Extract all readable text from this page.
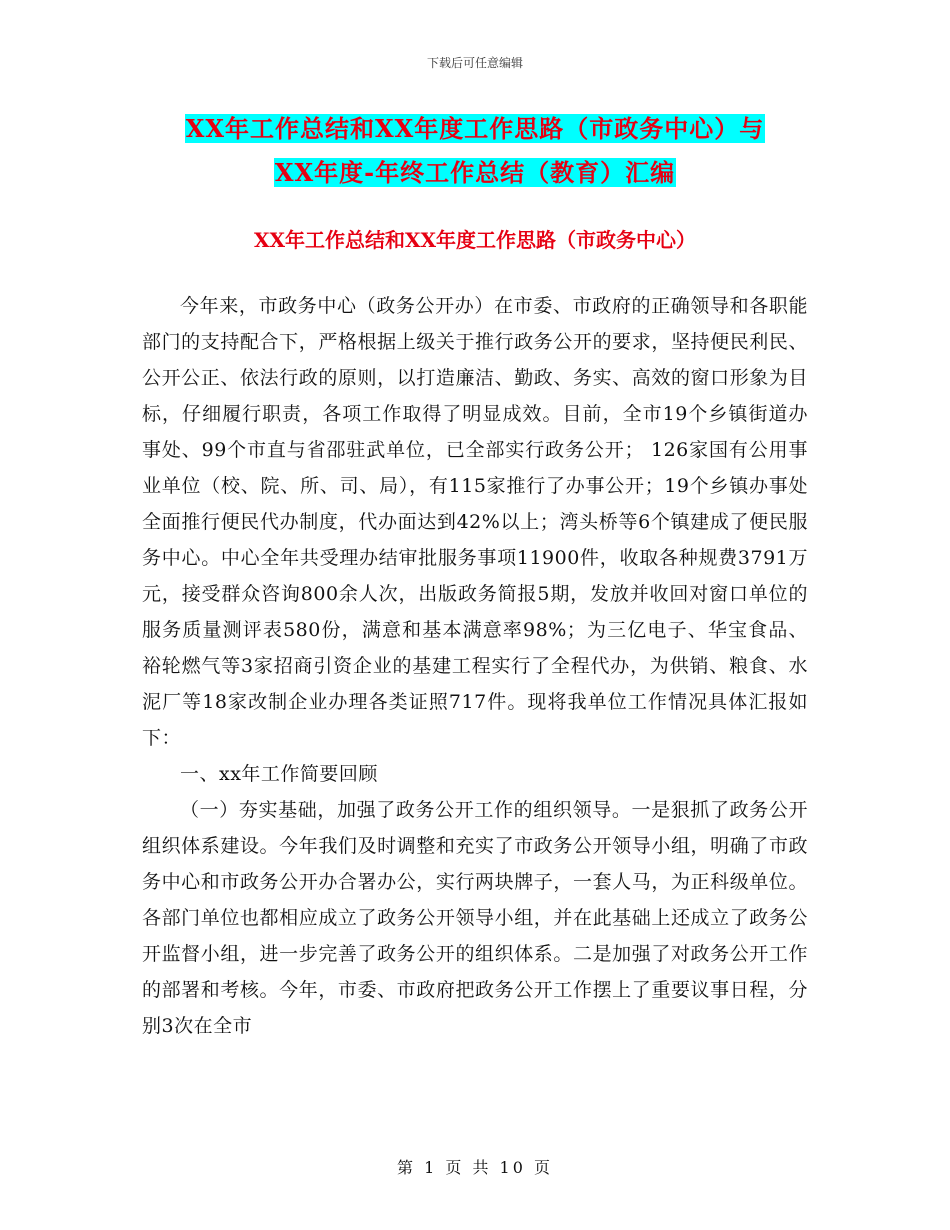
下载后可任意编辑
XX年工作总结和XX年度工作思路（市政务中心）与
XX年度-年终工作总结（教育）汇编
XX年工作总结和XX年度工作思路（市政务中心）

今年来，市政务中心（政务公开办）在市委、市政府的正确领导和各职能部门的支持配合下，严格根据上级关于推行政务公开的要求，坚持便民利民、公开公正、依法行政的原则，以打造廉洁、勤政、务实、高效的窗口形象为目标，仔细履行职责，各项工作取得了明显成效。目前，全市19个乡镇街道办事处、99个市直与省邵驻武单位，已全部实行政务公开； 126家国有公用事业单位（校、院、所、司、局），有115家推行了办事公开；19个乡镇办事处全面推行便民代办制度，代办面达到42%以上；湾头桥等6个镇建成了便民服务中心。中心全年共受理办结审批服务事项11900件，收取各种规费3791万元，接受群众咨询800余人次，出版政务简报5期，发放并收回对窗口单位的服务质量测评表580份，满意和基本满意率98%；为三亿电子、华宝食品、裕轮燃气等3家招商引资企业的基建工程实行了全程代办，为供销、粮食、水泥厂等18家改制企业办理各类证照717件。现将我单位工作情况具体汇报如下：

一、xx年工作简要回顾

（一）夯实基础，加强了政务公开工作的组织领导。一是狠抓了政务公开组织体系建设。今年我们及时调整和充实了市政务公开领导小组，明确了市政务中心和市政务公开办合署办公，实行两块牌子，一套人马，为正科级单位。各部门单位也都相应成立了政务公开领导小组，并在此基础上还成立了政务公开监督小组，进一步完善了政务公开的组织体系。二是加强了对政务公开工作的部署和考核。今年，市委、市政府把政务公开工作摆上了重要议事日程，分别3次在全市

第 1 页 共 10 页
